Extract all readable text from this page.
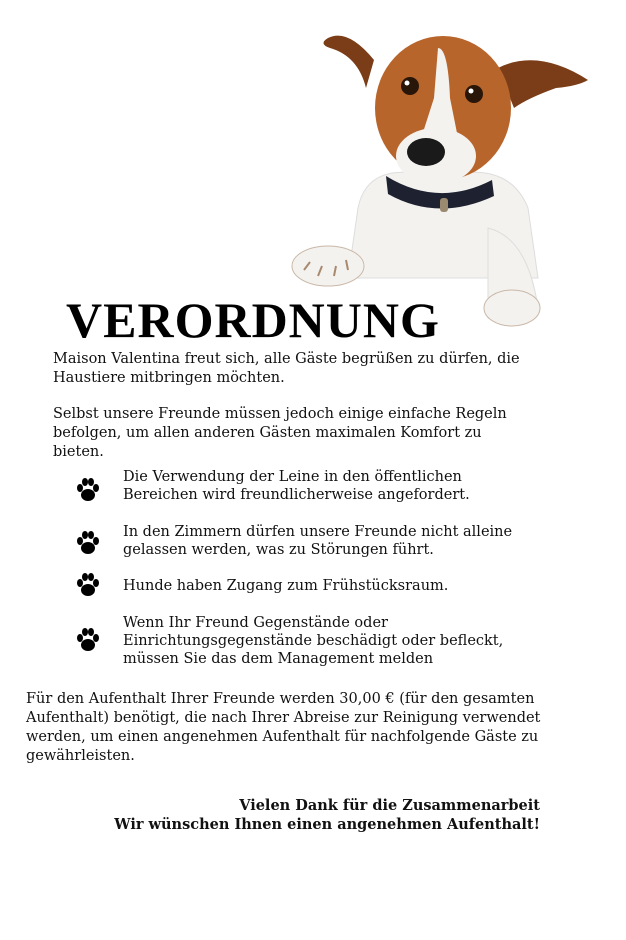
VERORDNUNG

Maison Valentina freut sich, alle Gäste begrüßen zu dürfen, die Haustiere mitbringen möchten.

Selbst unsere Freunde müssen jedoch einige einfache Regeln befolgen, um allen anderen Gästen maximalen Komfort zu bieten.

Die Verwendung der Leine in den öffentlichen Bereichen wird freundlicherweise angefordert.

In den Zimmern dürfen unsere Freunde nicht alleine gelassen werden, was zu Störungen führt.

Hunde haben Zugang zum Frühstücksraum.

Wenn Ihr Freund Gegenstände oder Einrichtungsgegenstände beschädigt oder befleckt, müssen Sie das dem Management melden

Für den Aufenthalt Ihrer Freunde werden 30,00 € (für den gesamten Aufenthalt) benötigt, die nach Ihrer Abreise zur Reinigung verwendet werden, um einen angenehmen Aufenthalt für nachfolgende Gäste zu gewährleisten.

Vielen Dank für die Zusammenarbeit
Wir wünschen Ihnen einen angenehmen Aufenthalt!
